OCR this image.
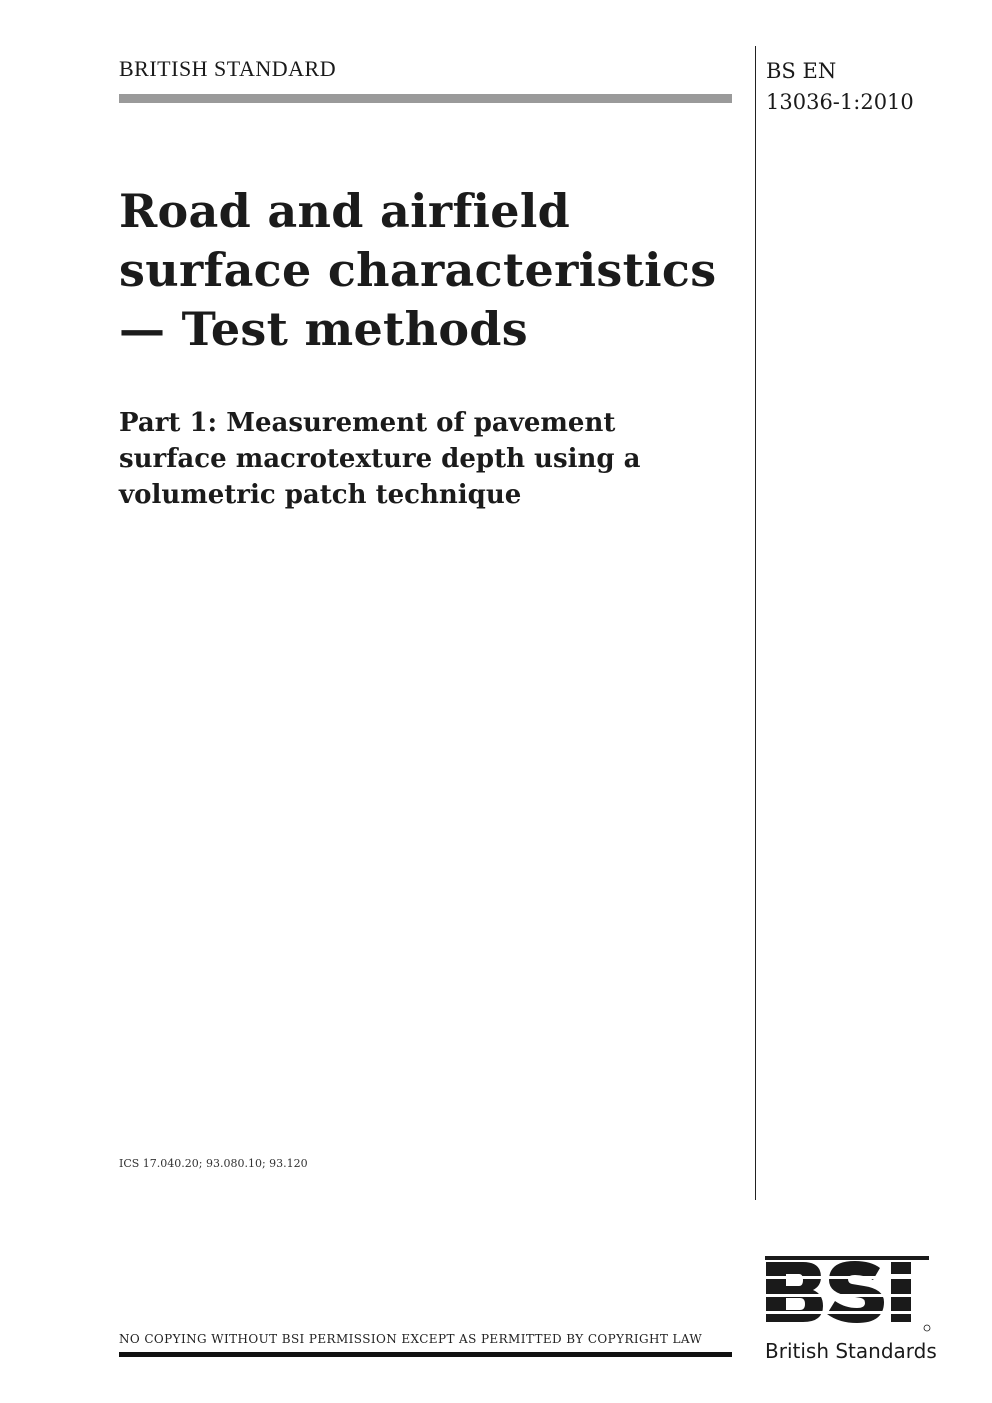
BRITISH STANDARD	BS EN
13036-1:2010
Road and airfield
surface characteristics
— Test methods
Part 1: Measurement of pavement
surface macrotexture depth using a
volumetric patch technique
ICS 17.040.20; 93.080.10; 93.120
NO COPYING WITHOUT BSI PERMISSION EXCEPT AS PERMITTED BY COPYRIGHT LAW	British Standards
